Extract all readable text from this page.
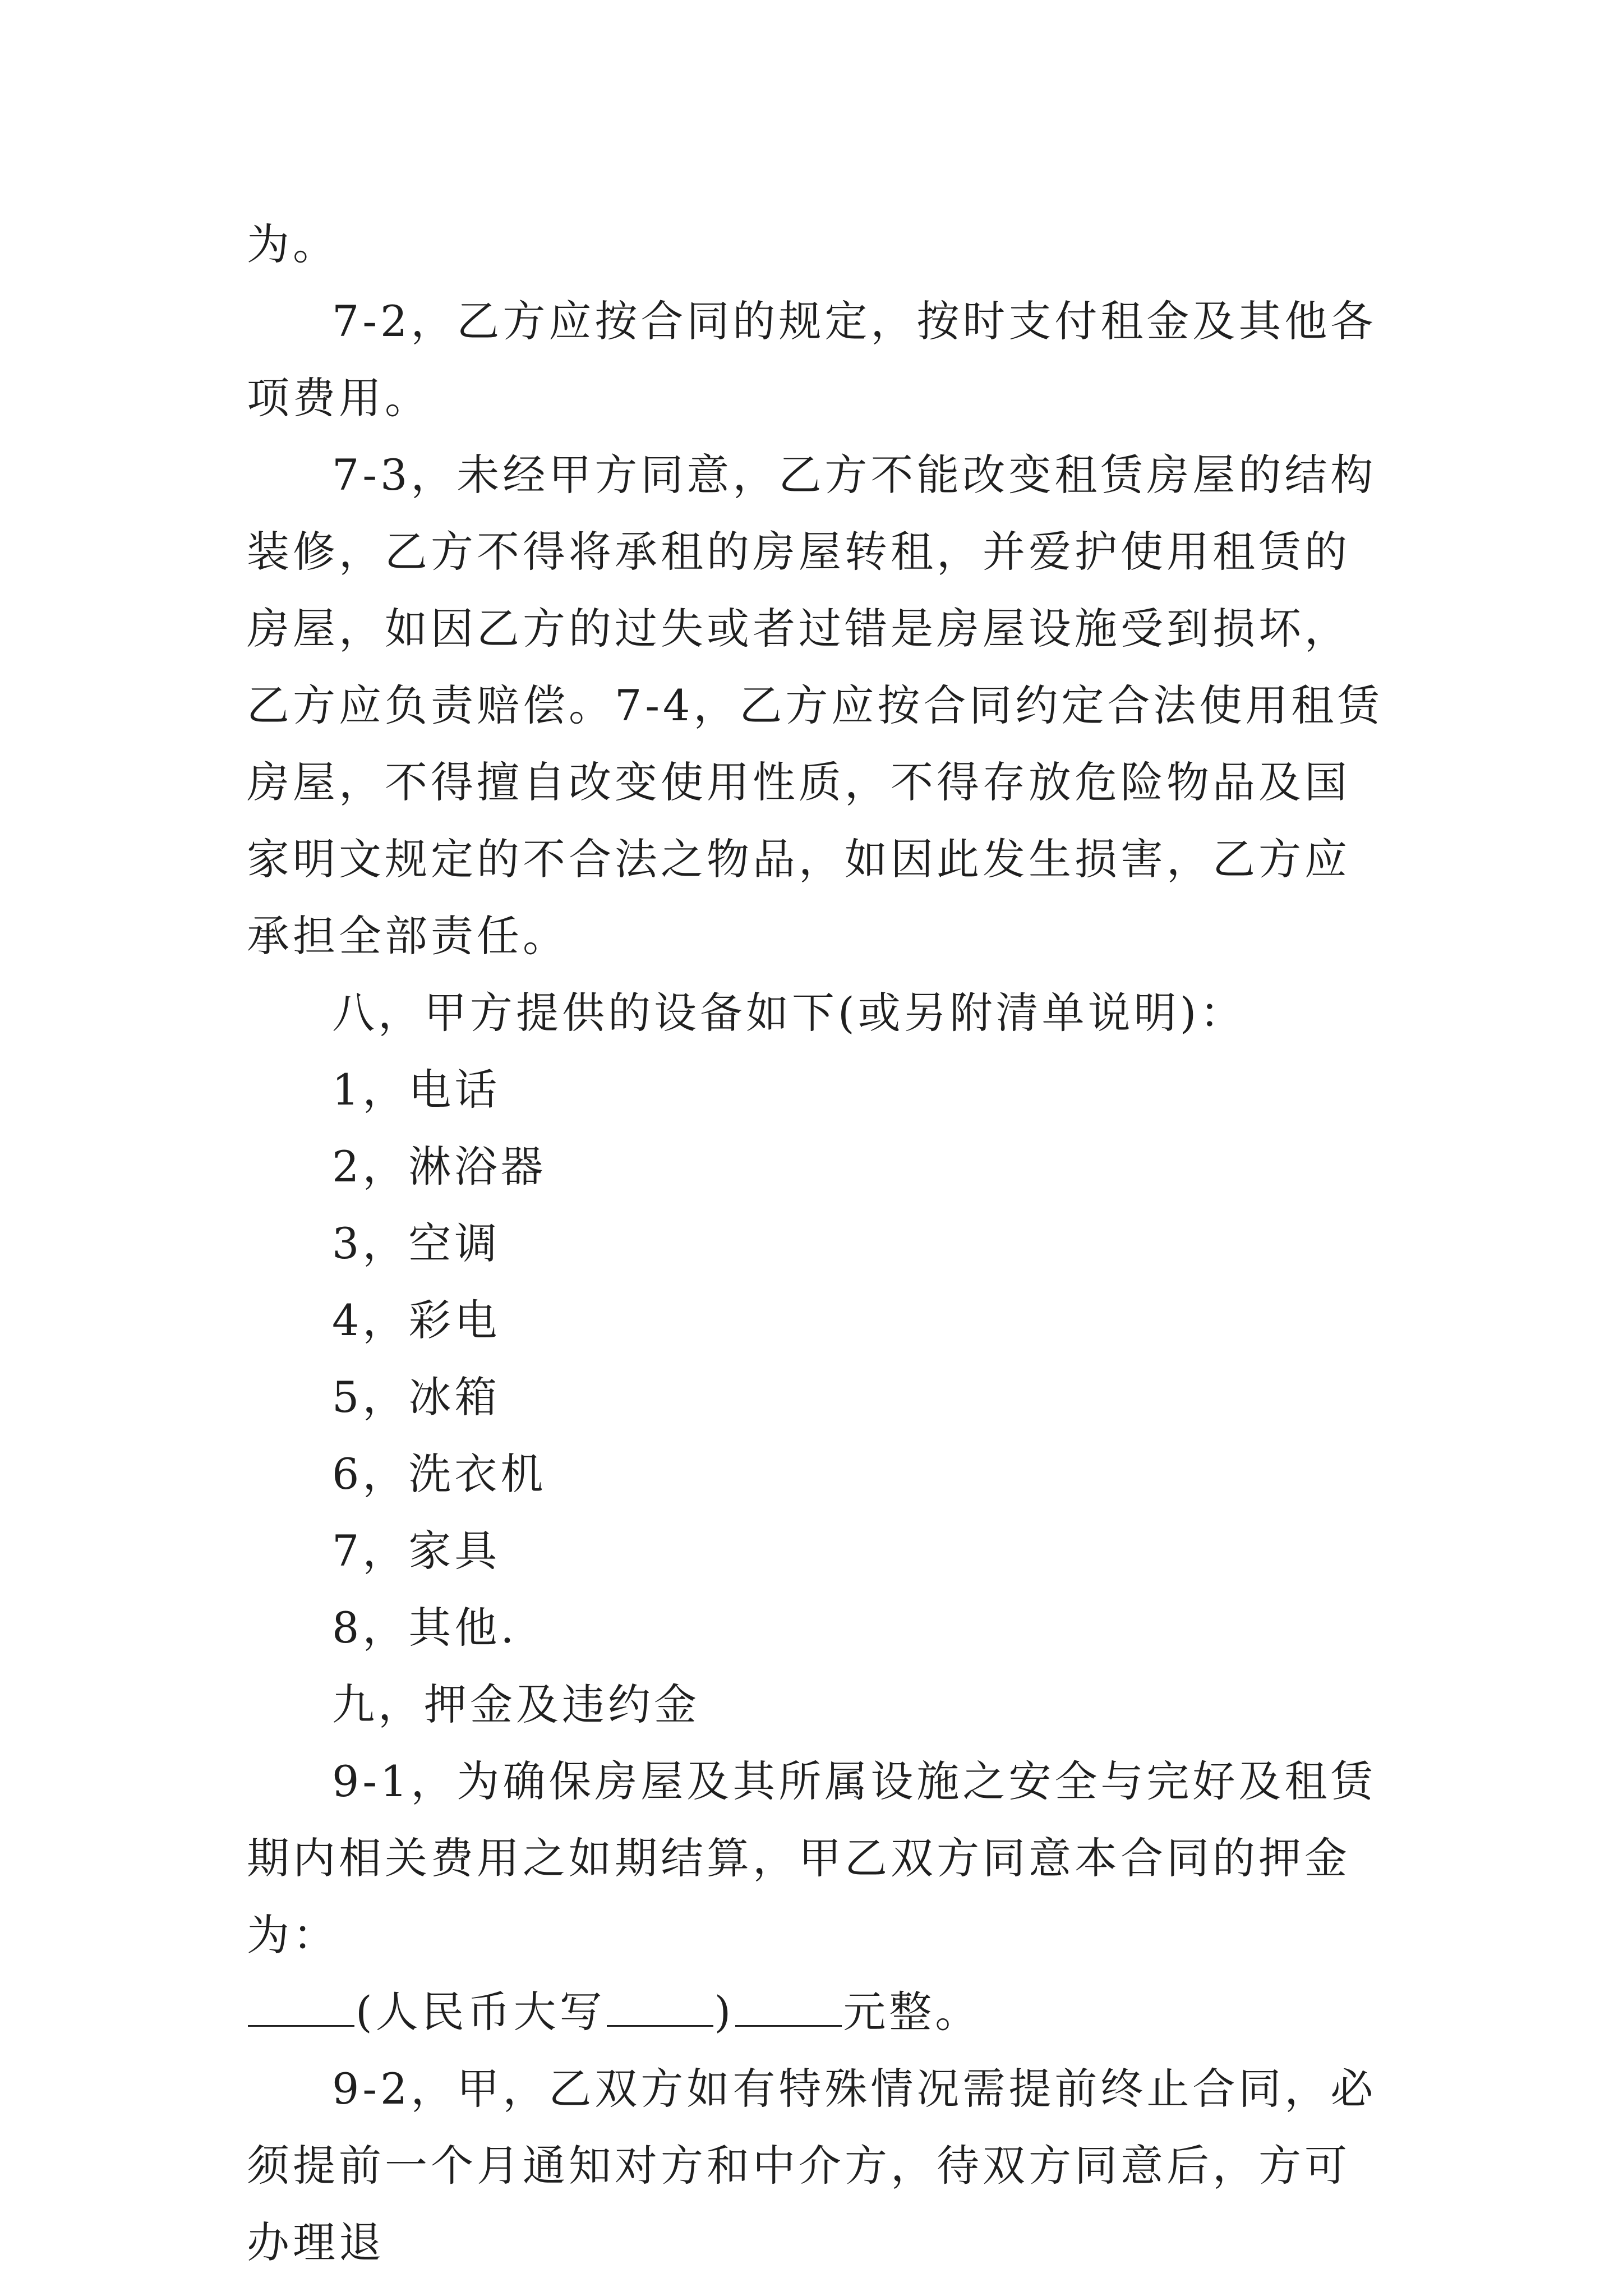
为。

7-2，乙方应按合同的规定，按时支付租金及其他各项费用。

7-3，未经甲方同意，乙方不能改变租赁房屋的结构装修，乙方不得将承租的房屋转租，并爱护使用租赁的房屋，如因乙方的过失或者过错是房屋设施受到损坏，乙方应负责赔偿。7-4，乙方应按合同约定合法使用租赁房屋，不得擅自改变使用性质，不得存放危险物品及国家明文规定的不合法之物品，如因此发生损害，乙方应承担全部责任。

八，甲方提供的设备如下(或另附清单说明)：

1，电话

2，淋浴器

3，空调

4，彩电

5，冰箱

6，洗衣机

7，家具

8，其他.

九，押金及违约金

9-1，为确保房屋及其所属设施之安全与完好及租赁期内相关费用之如期结算，甲乙双方同意本合同的押金为：

(人民币大写	)	元整。

9-2，甲，乙双方如有特殊情况需提前终止合同，必须提前一个月通知对方和中介方，待双方同意后，方可办理退
